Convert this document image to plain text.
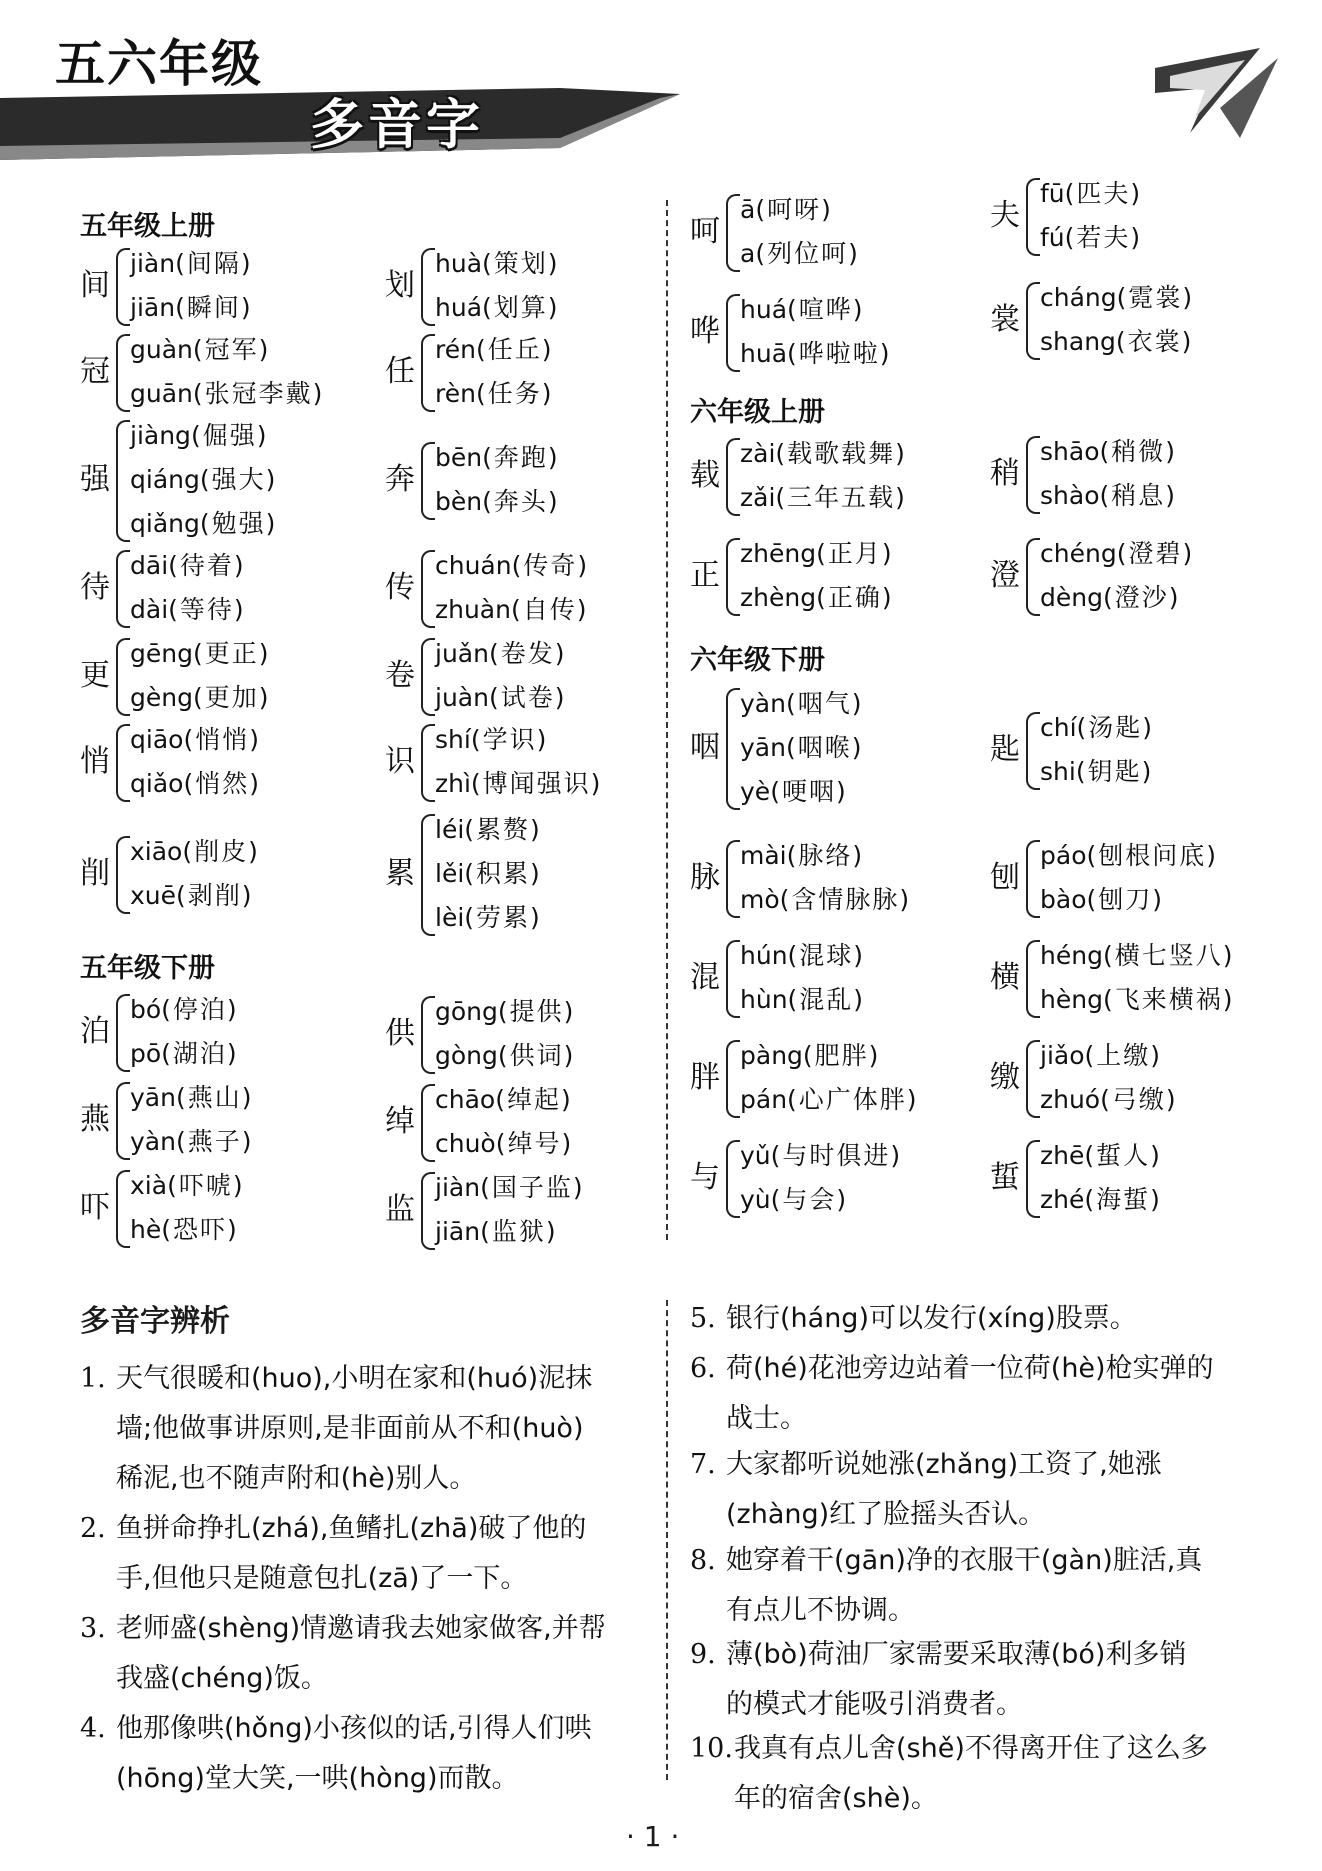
五六年级
多音字
五年级上册
五年级下册
六年级上册
六年级下册
间
jiàn(间隔)
jiān(瞬间)
划
huà(策划)
huá(划算)
冠
guàn(冠军)
guān(张冠李戴)
任
rén(任丘)
rèn(任务)
强
jiàng(倔强)
qiáng(强大)
qiǎng(勉强)
奔
bēn(奔跑)
bèn(奔头)
待
dāi(待着)
dài(等待)
传
chuán(传奇)
zhuàn(自传)
更
gēng(更正)
gèng(更加)
卷
juǎn(卷发)
juàn(试卷)
悄
qiāo(悄悄)
qiǎo(悄然)
识
shí(学识)
zhì(博闻强识)
削
xiāo(削皮)
xuē(剥削)
累
léi(累赘)
lěi(积累)
lèi(劳累)
泊
bó(停泊)
pō(湖泊)
供
gōng(提供)
gòng(供词)
燕
yān(燕山)
yàn(燕子)
绰
chāo(绰起)
chuò(绰号)
吓
xià(吓唬)
hè(恐吓)
监
jiàn(国子监)
jiān(监狱)
呵
ā(呵呀)
a(列位呵)
夫
fū(匹夫)
fú(若夫)
哗
huá(喧哗)
huā(哗啦啦)
裳
cháng(霓裳)
shang(衣裳)
载
zài(载歌载舞)
zǎi(三年五载)
稍
shāo(稍微)
shào(稍息)
正
zhēng(正月)
zhèng(正确)
澄
chéng(澄碧)
dèng(澄沙)
咽
yàn(咽气)
yān(咽喉)
yè(哽咽)
匙
chí(汤匙)
shi(钥匙)
脉
mài(脉络)
mò(含情脉脉)
刨
páo(刨根问底)
bào(刨刀)
混
hún(混球)
hùn(混乱)
横
héng(横七竖八)
hèng(飞来横祸)
胖
pàng(肥胖)
pán(心广体胖)
缴
jiǎo(上缴)
zhuó(弓缴)
与
yǔ(与时俱进)
yù(与会)
蜇
zhē(蜇人)
zhé(海蜇)
多音字辨析
1. 天气很暖和(huo),小明在家和(huó)泥抹
墙;他做事讲原则,是非面前从不和(huò)
稀泥,也不随声附和(hè)别人。
2. 鱼拼命挣扎(zhá),鱼鳍扎(zhā)破了他的
手,但他只是随意包扎(zā)了一下。
3. 老师盛(shèng)情邀请我去她家做客,并帮
我盛(chéng)饭。
4. 他那像哄(hǒng)小孩似的话,引得人们哄
(hōng)堂大笑,一哄(hòng)而散。
5. 银行(háng)可以发行(xíng)股票。
6. 荷(hé)花池旁边站着一位荷(hè)枪实弹的
战士。
7. 大家都听说她涨(zhǎng)工资了,她涨
(zhàng)红了脸摇头否认。
8. 她穿着干(gān)净的衣服干(gàn)脏活,真
有点儿不协调。
9. 薄(bò)荷油厂家需要采取薄(bó)利多销
的模式才能吸引消费者。
10. 我真有点儿舍(shě)不得离开住了这么多
年的宿舍(shè)。
· 1 ·
